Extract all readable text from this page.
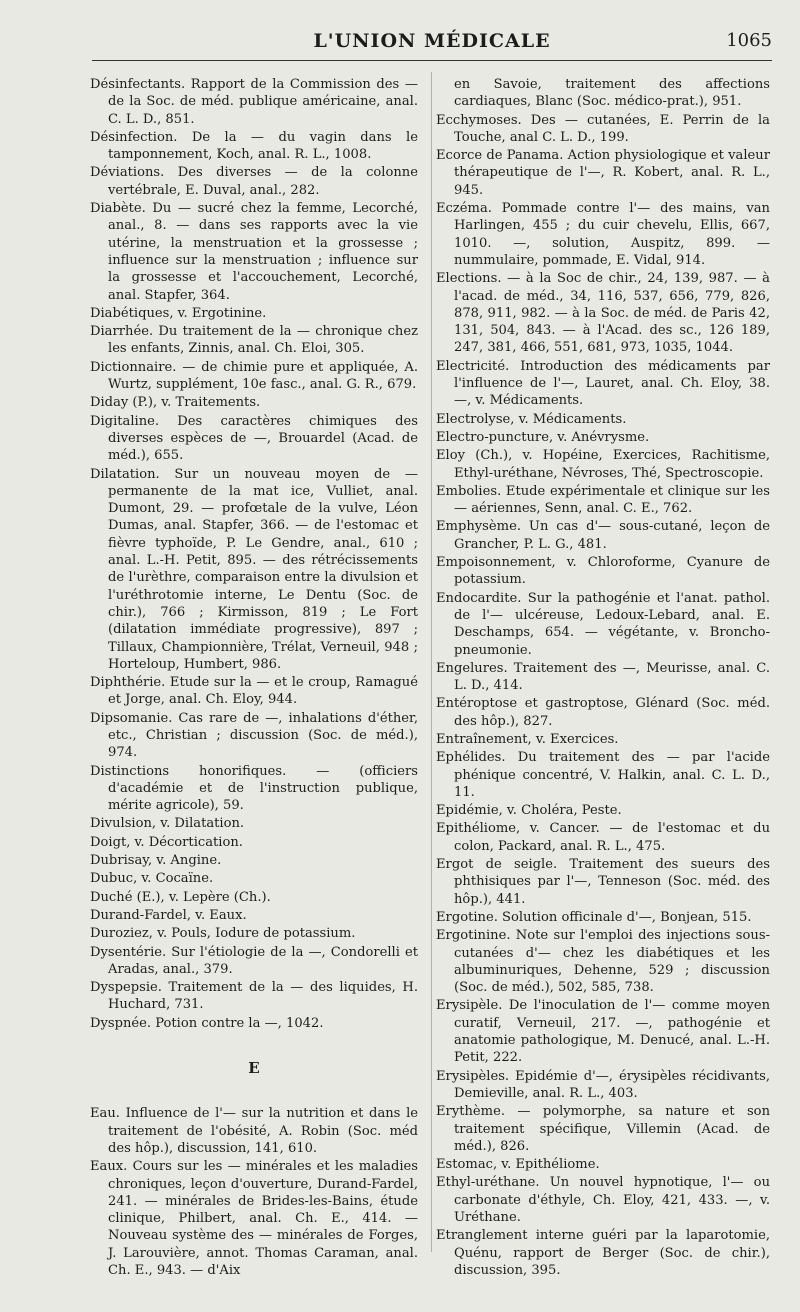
L'UNION MÉDICALE	1065
Désinfectants. Rapport de la Commission des — de la Soc. de méd. publique américaine, anal. C. L. D., 851.
Désinfection. De la — du vagin dans le tamponnement, Koch, anal. R. L., 1008.
Déviations. Des diverses — de la colonne vertébrale, E. Duval, anal., 282.
Diabète. Du — sucré chez la femme, Lecorché, anal., 8. — dans ses rapports avec la vie utérine, la menstruation et la grossesse ; influence sur la menstruation ; influence sur la grossesse et l'accouchement, Lecorché, anal. Stapfer, 364.
Diabétiques, v. Ergotinine.
Diarrhée. Du traitement de la — chronique chez les enfants, Zinnis, anal. Ch. Eloi, 305.
Dictionnaire. — de chimie pure et appliquée, A. Wurtz, supplément, 10e fasc., anal. G. R., 679.
Diday (P.), v. Traitements.
Digitaline. Des caractères chimiques des diverses espèces de —, Brouardel (Acad. de méd.), 655.
Dilatation. Sur un nouveau moyen de — permanente de la mat ice, Vulliet, anal. Dumont, 29. — profœtale de la vulve, Léon Dumas, anal. Stapfer, 366. — de l'estomac et fièvre typhoïde, P. Le Gendre, anal., 610 ; anal. L.-H. Petit, 895. — des rétrécissements de l'urèthre, comparaison entre la divulsion et l'uréthrotomie interne, Le Dentu (Soc. de chir.), 766 ; Kirmisson, 819 ; Le Fort (dilatation immédiate progressive), 897 ; Tillaux, Championnière, Trélat, Verneuil, 948 ; Horteloup, Humbert, 986.
Diphthérie. Etude sur la — et le croup, Ramagué et Jorge, anal. Ch. Eloy, 944.
Dipsomanie. Cas rare de —, inhalations d'éther, etc., Christian ; discussion (Soc. de méd.), 974.
Distinctions honorifiques. — (officiers d'académie et de l'instruction publique, mérite agricole), 59.
Divulsion, v. Dilatation.
Doigt, v. Décortication.
Dubrisay, v. Angine.
Dubuc, v. Cocaïne.
Duché (E.), v. Lepère (Ch.).
Durand-Fardel, v. Eaux.
Duroziez, v. Pouls, Iodure de potassium.
Dysentérie. Sur l'étiologie de la —, Condorelli et Aradas, anal., 379.
Dyspepsie. Traitement de la — des liquides, H. Huchard, 731.
Dyspnée. Potion contre la —, 1042.
E
Eau. Influence de l'— sur la nutrition et dans le traitement de l'obésité, A. Robin (Soc. méd des hôp.), discussion, 141, 610.
Eaux. Cours sur les — minérales et les maladies chroniques, leçon d'ouverture, Durand-Fardel, 241. — minérales de Brides-les-Bains, étude clinique, Philbert, anal. Ch. E., 414. — Nouveau système des — minérales de Forges, J. Larouvière, annot. Thomas Caraman, anal. Ch. E., 943. — d'Aix
en Savoie, traitement des affections cardiaques, Blanc (Soc. médico-prat.), 951.
Ecchymoses. Des — cutanées, E. Perrin de la Touche, anal C. L. D., 199.
Ecorce de Panama. Action physiologique et valeur thérapeutique de l'—, R. Kobert, anal. R. L., 945.
Eczéma. Pommade contre l'— des mains, van Harlingen, 455 ; du cuir chevelu, Ellis, 667, 1010. —, solution, Auspitz, 899. — nummulaire, pommade, E. Vidal, 914.
Elections. — à la Soc de chir., 24, 139, 987. — à l'acad. de méd., 34, 116, 537, 656, 779, 826, 878, 911, 982. — à la Soc. de méd. de Paris 42, 131, 504, 843. — à l'Acad. des sc., 126 189, 247, 381, 466, 551, 681, 973, 1035, 1044.
Electricité. Introduction des médicaments par l'influence de l'—, Lauret, anal. Ch. Eloy, 38. —, v. Médicaments.
Electrolyse, v. Médicaments.
Electro-puncture, v. Anévrysme.
Eloy (Ch.), v. Hopéine, Exercices, Rachitisme, Ethyl-uréthane, Névroses, Thé, Spectroscopie.
Embolies. Etude expérimentale et clinique sur les — aériennes, Senn, anal. C. E., 762.
Emphysème. Un cas d'— sous-cutané, leçon de Grancher, P. L. G., 481.
Empoisonnement, v. Chloroforme, Cyanure de potassium.
Endocardite. Sur la pathogénie et l'anat. pathol. de l'— ulcéreuse, Ledoux-Lebard, anal. E. Deschamps, 654. — végétante, v. Broncho-pneumonie.
Engelures. Traitement des —, Meurisse, anal. C. L. D., 414.
Entéroptose et gastroptose, Glénard (Soc. méd. des hôp.), 827.
Entraînement, v. Exercices.
Ephélides. Du traitement des — par l'acide phénique concentré, V. Halkin, anal. C. L. D., 11.
Epidémie, v. Choléra, Peste.
Epithéliome, v. Cancer. — de l'estomac et du colon, Packard, anal. R. L., 475.
Ergot de seigle. Traitement des sueurs des phthisiques par l'—, Tenneson (Soc. méd. des hôp.), 441.
Ergotine. Solution officinale d'—, Bonjean, 515.
Ergotinine. Note sur l'emploi des injections sous-cutanées d'— chez les diabétiques et les albuminuriques, Dehenne, 529 ; discussion (Soc. de méd.), 502, 585, 738.
Erysipèle. De l'inoculation de l'— comme moyen curatif, Verneuil, 217. —, pathogénie et anatomie pathologique, M. Denucé, anal. L.-H. Petit, 222.
Erysipèles. Epidémie d'—, érysipèles récidivants, Demieville, anal. R. L., 403.
Erythème. — polymorphe, sa nature et son traitement spécifique, Villemin (Acad. de méd.), 826.
Estomac, v. Epithéliome.
Ethyl-uréthane. Un nouvel hypnotique, l'— ou carbonate d'éthyle, Ch. Eloy, 421, 433. —, v. Uréthane.
Etranglement interne guéri par la laparotomie, Quénu, rapport de Berger (Soc. de chir.), discussion, 395.
